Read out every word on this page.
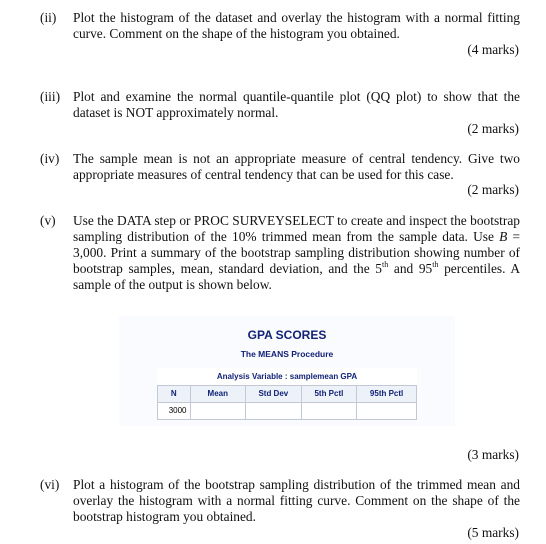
(ii) Plot the histogram of the dataset and overlay the histogram with a normal fitting curve. Comment on the shape of the histogram you obtained.
(4 marks)
(iii) Plot and examine the normal quantile-quantile plot (QQ plot) to show that the dataset is NOT approximately normal.
(2 marks)
(iv) The sample mean is not an appropriate measure of central tendency. Give two appropriate measures of central tendency that can be used for this case.
(2 marks)
(v) Use the DATA step or PROC SURVEYSELECT to create and inspect the bootstrap sampling distribution of the 10% trimmed mean from the sample data. Use B = 3,000. Print a summary of the bootstrap sampling distribution showing number of bootstrap samples, mean, standard deviation, and the 5th and 95th percentiles. A sample of the output is shown below.
GPA SCORES
The MEANS Procedure
Analysis Variable : samplemean GPA				
N	Mean	Std Dev	5th Pctl	95th Pctl
3000				
(3 marks)
(vi) Plot a histogram of the bootstrap sampling distribution of the trimmed mean and overlay the histogram with a normal fitting curve. Comment on the shape of the bootstrap histogram you obtained.
(5 marks)
